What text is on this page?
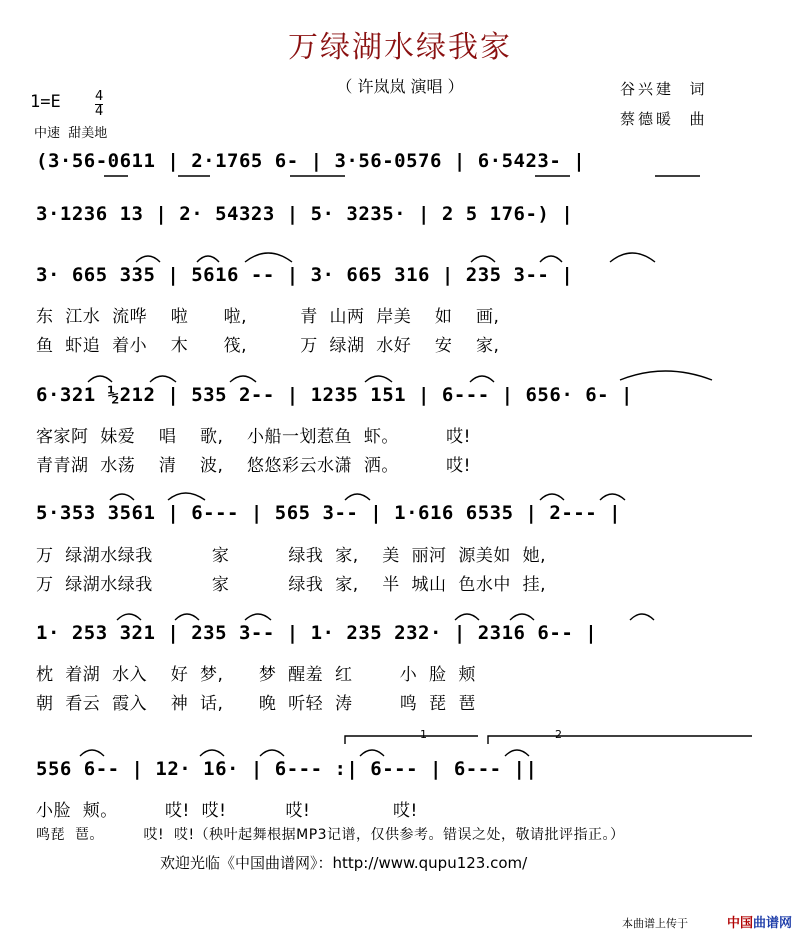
万绿湖水绿我家
（ 许岚岚 演唱 ）	谷兴建  词
蔡德暖  曲
1=E	$\frac{4}{4}$
中速  甜美地
(3·56-0611 | 2·1765 6- | 3·56-0576 | 6·5423- |
3·1236 13 | 2· 54323 | 5· 3235· | 2 5 176-) |
3· 665 335 | 5616 -- | 3· 665 316 | 235 3-- |
东  江水  流哗    啦      啦,         青  山两  岸美    如    画,
鱼  虾追  着小    木      筏,         万  绿湖  水好    安    家,
6·321 ½212 | 535 2-- | 1235 151 | 6--- | 656· 6- |
客家阿  妹爱    唱    歌,    小船一划惹鱼  虾。        哎!
青青湖  水荡    清    波,    悠悠彩云水潇  洒。        哎!
5·353 3561 | 6--- | 565 3-- | 1·616 6535 | 2--- |
万  绿湖水绿我          家          绿我  家,    美  丽河  源美如  她,
万  绿湖水绿我          家          绿我  家,    半  城山  色水中  挂,
1· 253 321 | 235 3-- | 1· 235 232· | 2316 6-- |
枕  着湖  水入    好  梦,      梦  醒羞  红        小  脸  颊
朝  看云  霞入    神  话,      晚  听轻  涛        鸣  琵  琶
1	2
556 6-- | 12· 16· | 6--- :| 6--- | 6--- ||
小脸  颊。        哎!  哎!          哎!              哎!
鸣琵  琶。        哎!  哎!（秧叶起舞根据MP3记谱，仅供参考。错误之处，敬请批评指正。）
欢迎光临《中国曲谱网》：http://www.qupu123.com/
本曲谱上传于	中国曲谱网
